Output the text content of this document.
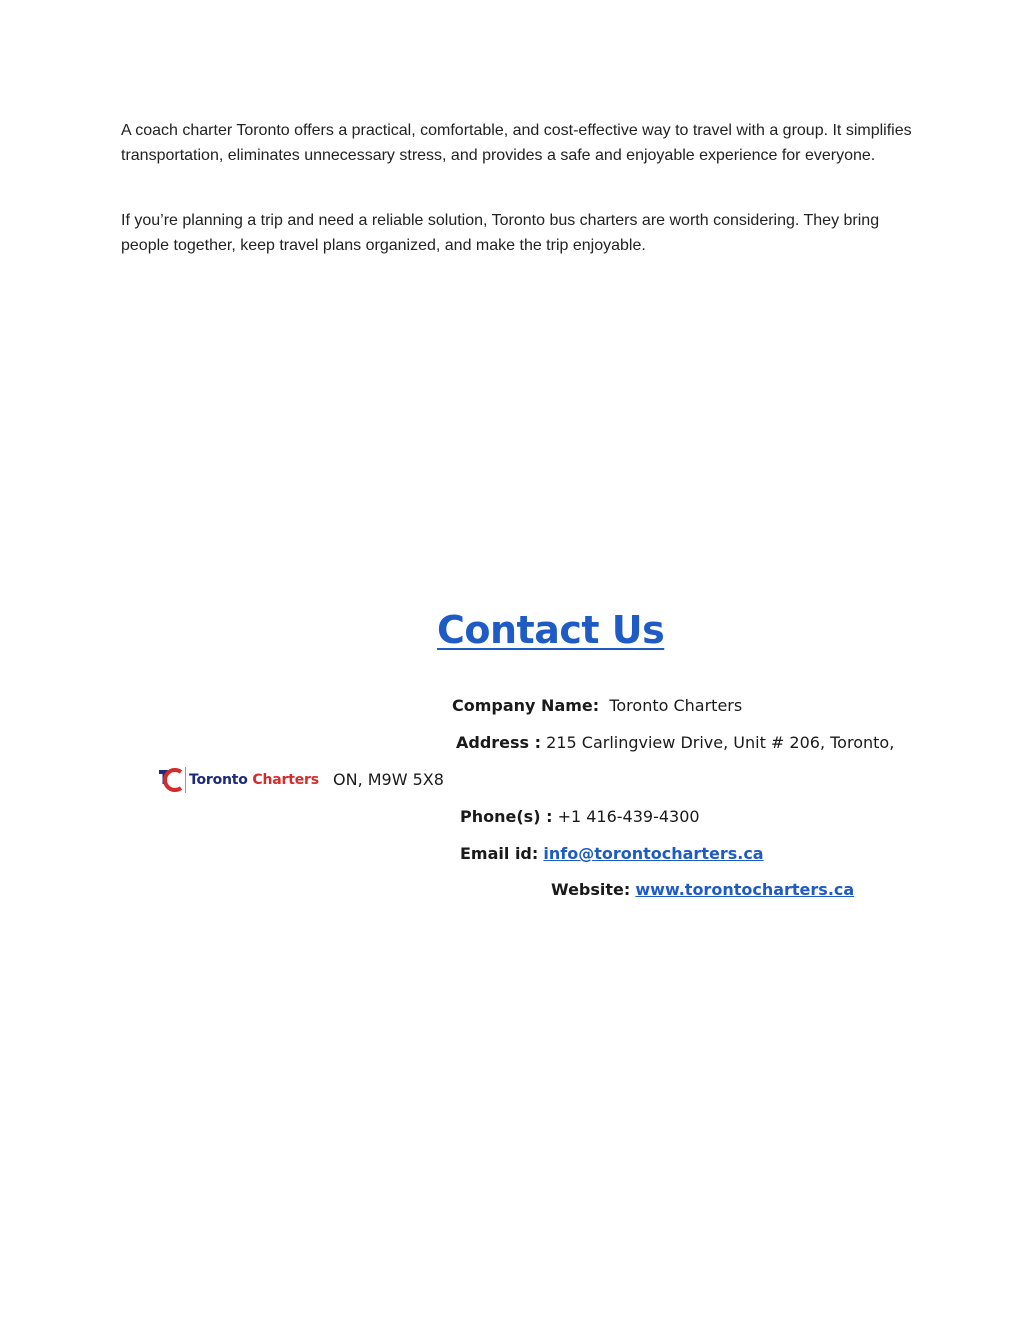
A coach charter Toronto offers a practical, comfortable, and cost-effective way to travel with a group. It simplifies transportation, eliminates unnecessary stress, and provides a safe and enjoyable experience for everyone.

If you’re planning a trip and need a reliable solution, Toronto bus charters are worth considering. They bring people together, keep travel plans organized, and make the trip enjoyable.

Contact Us
Company Name: Toronto Charters
Address : 215 Carlingview Drive, Unit # 206, Toronto,
Toronto Charters ON, M9W 5X8
Phone(s) : +1 416-439-4300
Email id: info@torontocharters.ca
Website: www.torontocharters.ca
